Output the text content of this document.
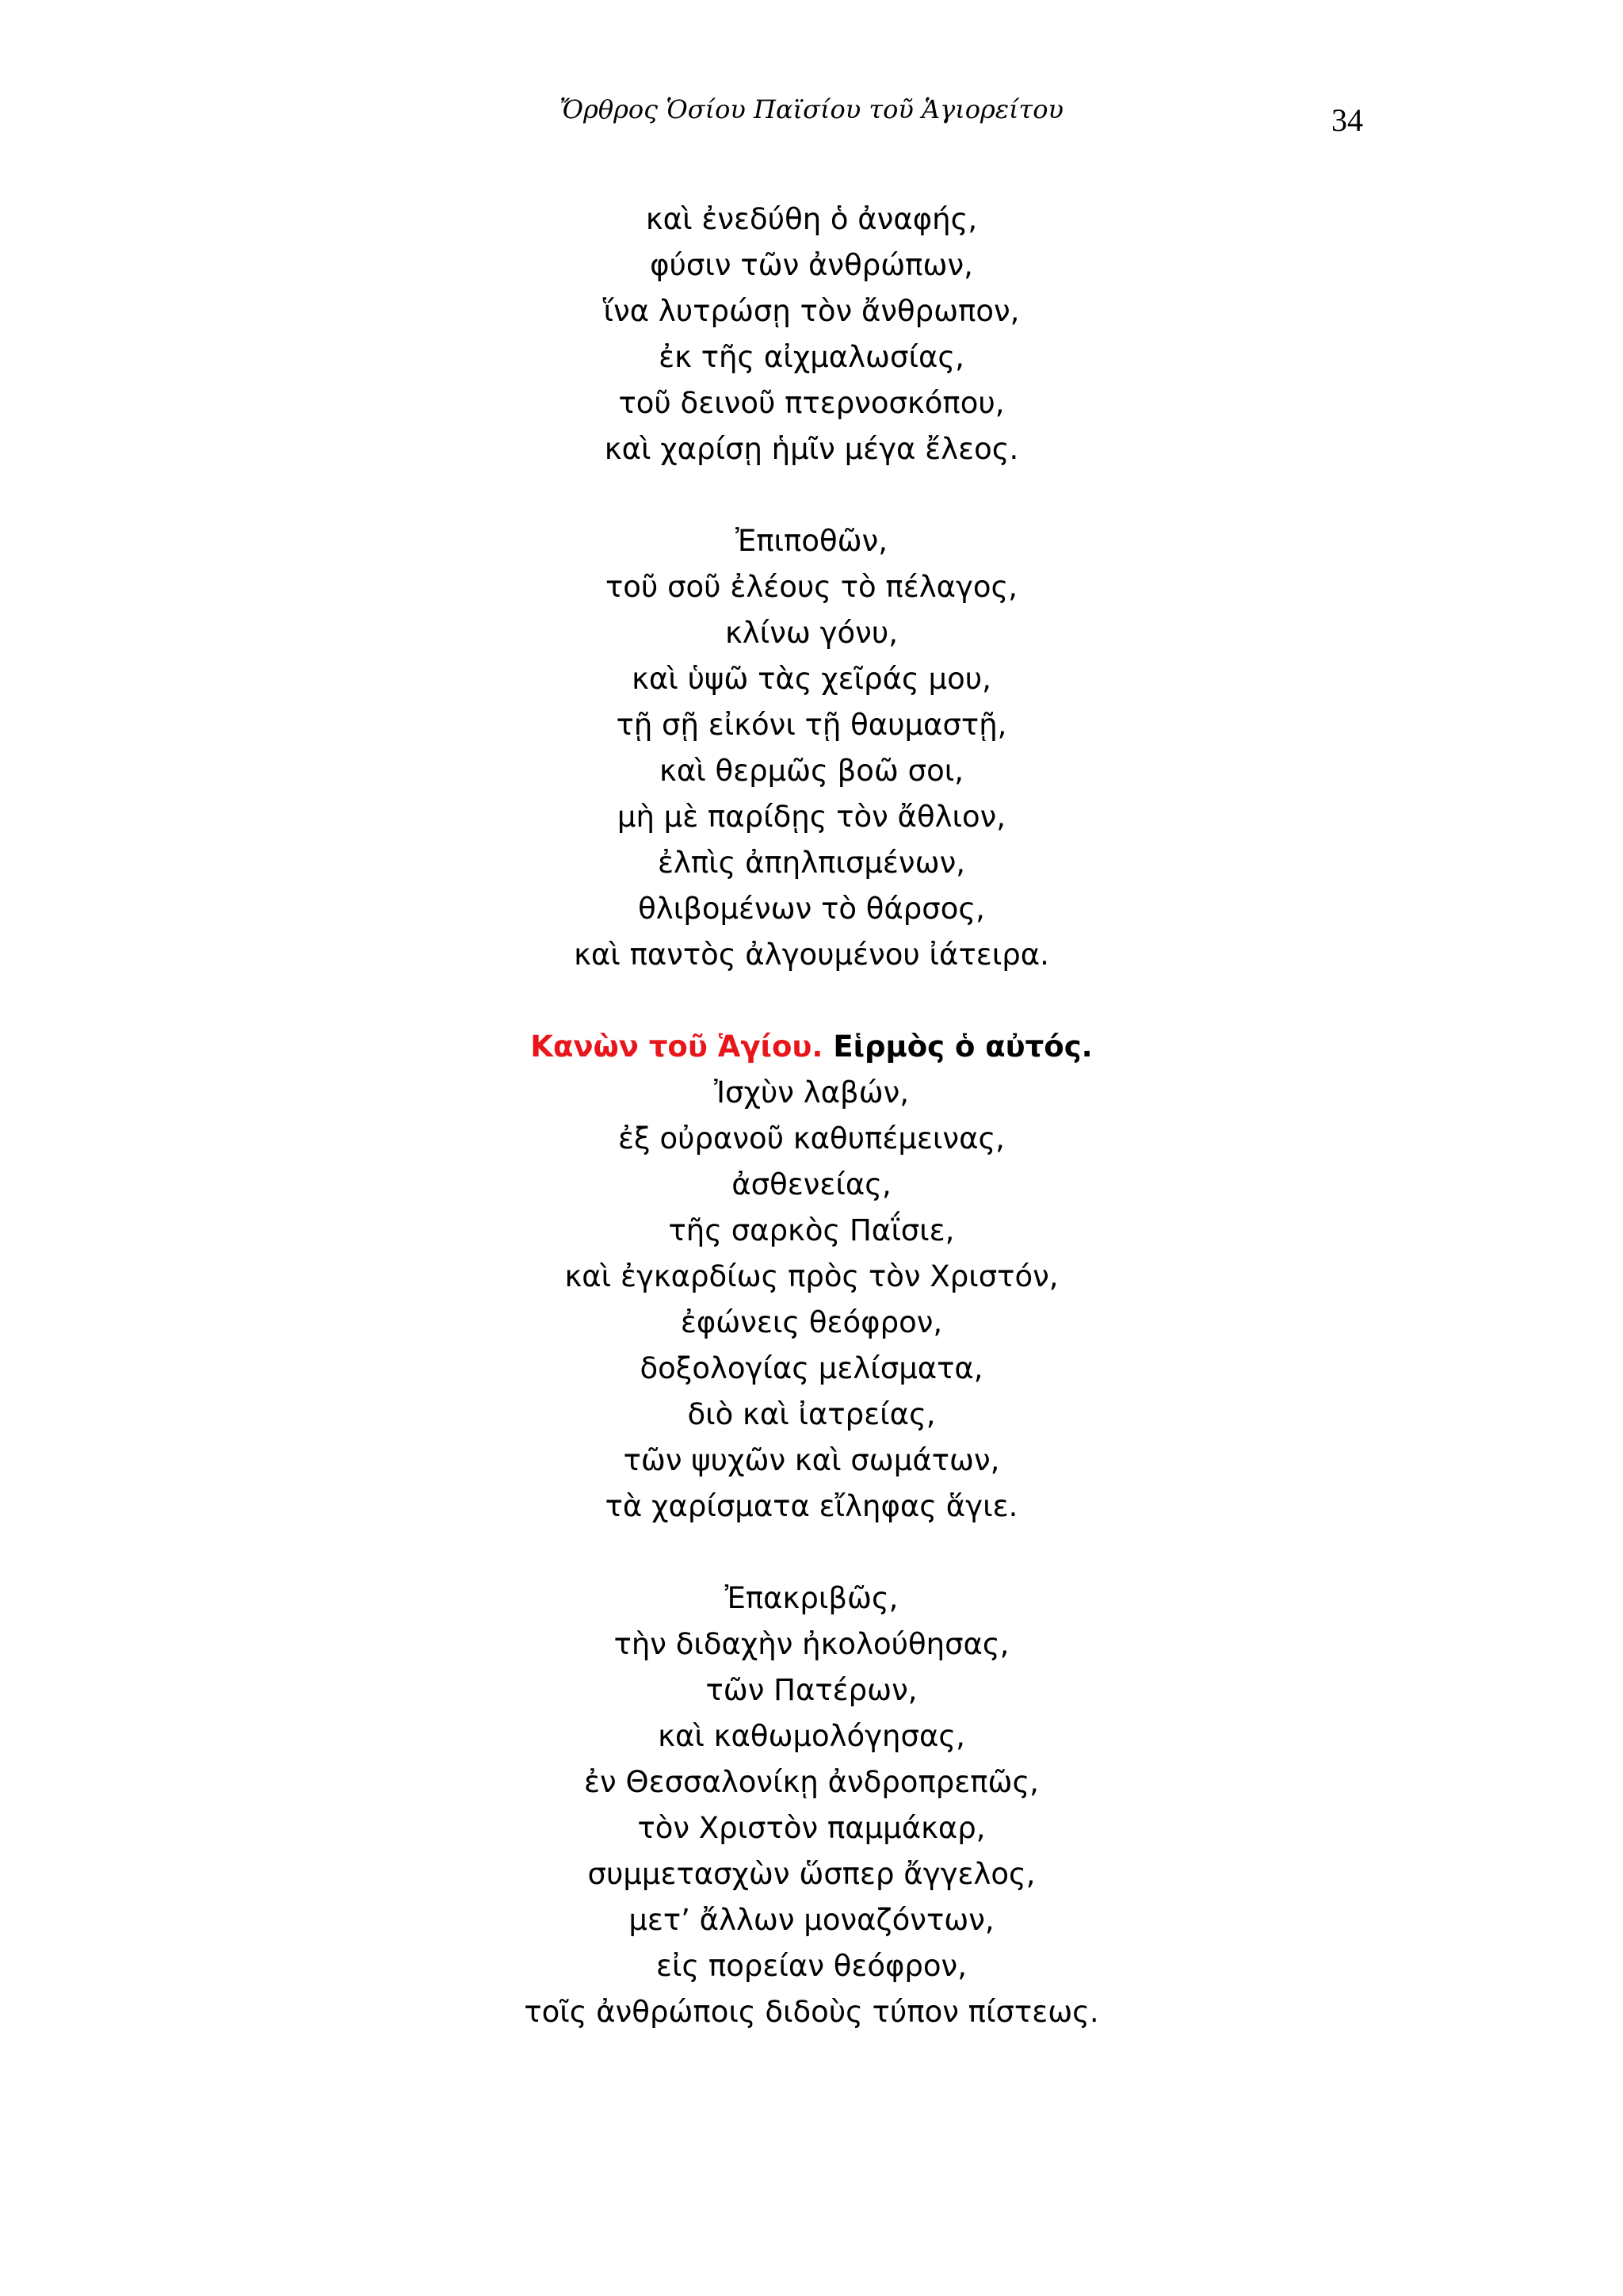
Ὄρθρος Ὁσίου Παϊσίου τοῦ Ἁγιορείτου	34
καὶ ἐνεδύθη ὁ ἀναφής,
φύσιν τῶν ἀνθρώπων,
ἵνα λυτρώσῃ τὸν ἄνθρωπον,
ἐκ τῆς αἰχμαλωσίας,
τοῦ δεινοῦ πτερνοσκόπου,
καὶ χαρίσῃ ἡμῖν μέγα ἔλεος.
Ἐπιποθῶν,
τοῦ σοῦ ἐλέους τὸ πέλαγος,
κλίνω γόνυ,
καὶ ὑψῶ τὰς χεῖράς μου,
τῇ σῇ εἰκόνι τῇ θαυμαστῇ,
καὶ θερμῶς βοῶ σοι,
μὴ μὲ παρίδῃς τὸν ἄθλιον,
ἐλπὶς ἀπηλπισμένων,
θλιβομένων τὸ θάρσος,
καὶ παντὸς ἀλγουμένου ἰάτειρα.
Κανὼν τοῦ Ἁγίου. Εἱρμὸς ὁ αὐτός.
Ἰσχὺν λαβών,
ἐξ οὐρανοῦ καθυπέμεινας,
ἀσθενείας,
τῆς σαρκὸς Παΐσιε,
καὶ ἐγκαρδίως πρὸς τὸν Χριστόν,
ἐφώνεις θεόφρον,
δοξολογίας μελίσματα,
διὸ καὶ ἰατρείας,
τῶν ψυχῶν καὶ σωμάτων,
τὰ χαρίσματα εἴληφας ἅγιε.
Ἐπακριβῶς,
τὴν διδαχὴν ἠκολούθησας,
τῶν Πατέρων,
καὶ καθωμολόγησας,
ἐν Θεσσαλονίκῃ ἀνδροπρεπῶς,
τὸν Χριστὸν παμμάκαρ,
συμμετασχὼν ὥσπερ ἄγγελος,
μετ’ ἄλλων μοναζόντων,
εἰς πορείαν θεόφρον,
τοῖς ἀνθρώποις διδοὺς τύπον πίστεως.
